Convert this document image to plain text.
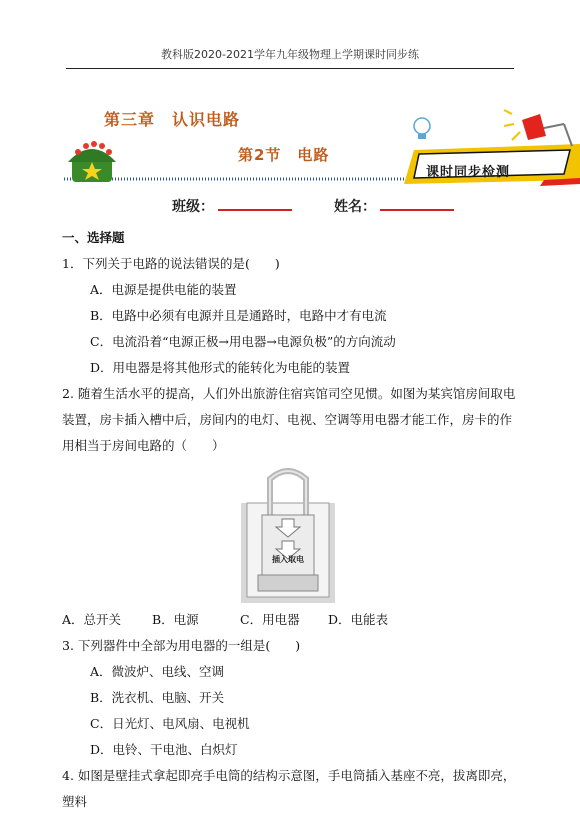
教科版2020-2021学年九年级物理上学期课时同步练
第三章　认识电路
第2节　电路
课时同步检测
班级：	姓名：
一、选择题
1．下列关于电路的说法错误的是(　　)
A．电源是提供电能的装置
B．电路中必须有电源并且是通路时，电路中才有电流
C．电流沿着“电源正极→用电器→电源负极”的方向流动
D．用电器是将其他形式的能转化为电能的装置
2. 随着生活水平的提高，人们外出旅游住宿宾馆司空见惯。如图为某宾馆房间取电装置，房卡插入槽中后，房间内的电灯、电视、空调等用电器才能工作，房卡的作用相当于房间电路的（　　）
插入取电
A．总开关	B．电源	C．用电器	D．电能表
3. 下列器件中全部为用电器的一组是(　　)
A．微波炉、电线、空调
B．洗衣机、电脑、开关
C．日光灯、电风扇、电视机
D．电铃、干电池、白炽灯
4. 如图是壁挂式拿起即亮手电筒的结构示意图，手电筒插入基座不亮，拔离即亮，塑料
